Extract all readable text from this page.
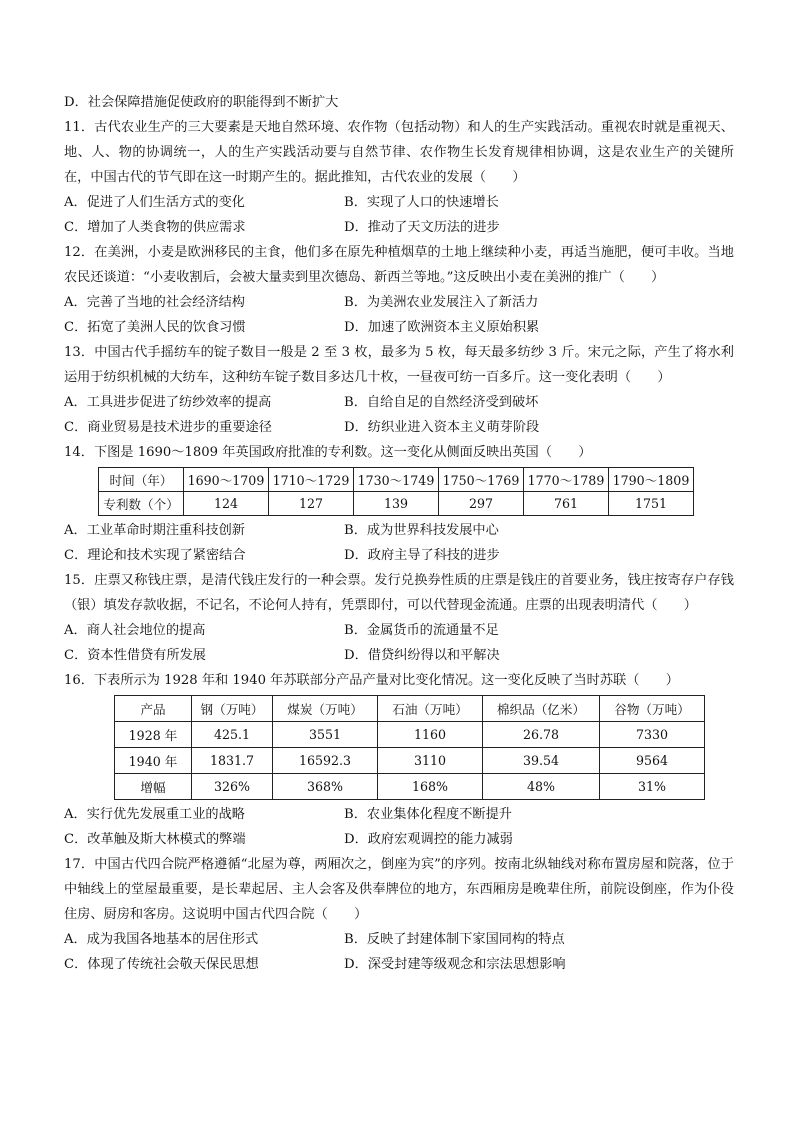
D．社会保障措施促使政府的职能得到不断扩大
11．古代农业生产的三大要素是天地自然环境、农作物（包括动物）和人的生产实践活动。重视农时就是重视天、地、人、物的协调统一，人的生产实践活动要与自然节律、农作物生长发育规律相协调，这是农业生产的关键所在，中国古代的节气即在这一时期产生的。据此推知，古代农业的发展（　　）
A．促进了人们生活方式的变化	B．实现了人口的快速增长
C．增加了人类食物的供应需求	D．推动了天文历法的进步
12．在美洲，小麦是欧洲移民的主食，他们多在原先种植烟草的土地上继续种小麦，再适当施肥，便可丰收。当地农民还谈道：“小麦收割后，会被大量卖到里次德岛、新西兰等地。”这反映出小麦在美洲的推广（　　）
A．完善了当地的社会经济结构	B．为美洲农业发展注入了新活力
C．拓宽了美洲人民的饮食习惯	D．加速了欧洲资本主义原始积累
13．中国古代手摇纺车的锭子数目一般是 2 至 3 枚，最多为 5 枚，每天最多纺纱 3 斤。宋元之际，产生了将水利运用于纺织机械的大纺车，这种纺车锭子数目多达几十枚，一昼夜可纺一百多斤。这一变化表明（　　）
A．工具进步促进了纺纱效率的提高	B．自给自足的自然经济受到破坏
C．商业贸易是技术进步的重要途径	D．纺织业进入资本主义萌芽阶段
14．下图是 1690～1809 年英国政府批准的专利数。这一变化从侧面反映出英国（　　）
时间（年）	1690～1709	1710～1729	1730～1749	1750～1769	1770～1789	1790～1809
专利数（个）	124	127	139	297	761	1751
A．工业革命时期注重科技创新	B．成为世界科技发展中心
C．理论和技术实现了紧密结合	D．政府主导了科技的进步
15．庄票又称钱庄票，是清代钱庄发行的一种会票。发行兑换券性质的庄票是钱庄的首要业务，钱庄按寄存户存钱（银）填发存款收据，不记名，不论何人持有，凭票即付，可以代替现金流通。庄票的出现表明清代（　　）
A．商人社会地位的提高	B．金属货币的流通量不足
C．资本性借贷有所发展	D．借贷纠纷得以和平解决
16．下表所示为 1928 年和 1940 年苏联部分产品产量对比变化情况。这一变化反映了当时苏联（　　）
产品	钢（万吨）	煤炭（万吨）	石油（万吨）	棉织品（亿米）	谷物（万吨）
1928 年	425.1	3551	1160	26.78	7330
1940 年	1831.7	16592.3	3110	39.54	9564
增幅	326%	368%	168%	48%	31%
A．实行优先发展重工业的战略	B．农业集体化程度不断提升
C．改革触及斯大林模式的弊端	D．政府宏观调控的能力减弱
17．中国古代四合院严格遵循“北屋为尊，两厢次之，倒座为宾”的序列。按南北纵轴线对称布置房屋和院落，位于中轴线上的堂屋最重要，是长辈起居、主人会客及供奉牌位的地方，东西厢房是晚辈住所，前院设倒座，作为仆役住房、厨房和客房。这说明中国古代四合院（　　）
A．成为我国各地基本的居住形式	B．反映了封建体制下家国同构的特点
C．体现了传统社会敬天保民思想	D．深受封建等级观念和宗法思想影响
